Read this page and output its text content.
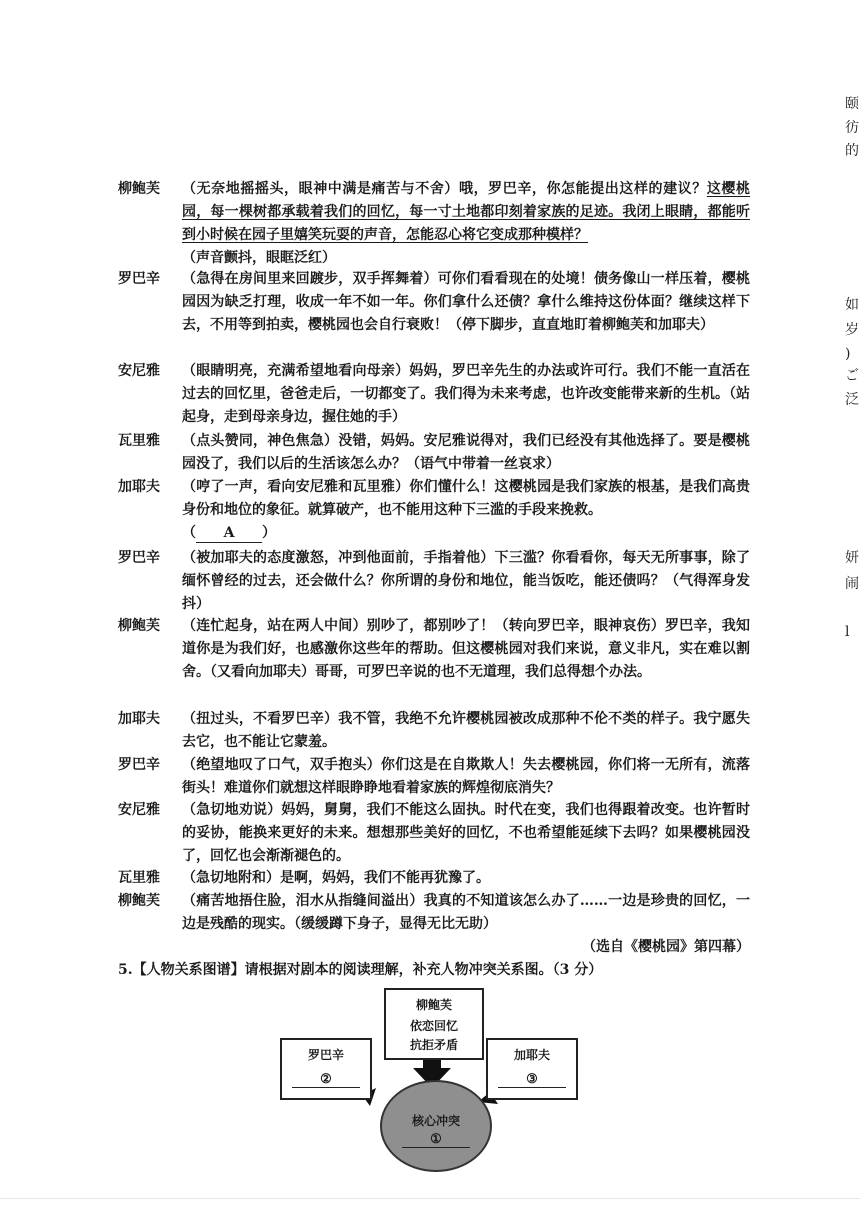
颐
彷
的
如
岁
)
ご
泛
妍
闹
l
柳鲍芙	（无奈地摇摇头，眼神中满是痛苦与不舍）哦，罗巴辛，你怎能提出这样的建议？这樱桃园，每一棵树都承载着我们的回忆，每一寸土地都印刻着家族的足迹。我闭上眼睛，都能听到小时候在园子里嬉笑玩耍的声音，怎能忍心将它变成那种模样？
（声音颤抖，眼眶泛红）
罗巴辛	（急得在房间里来回踱步，双手挥舞着）可你们看看现在的处境！债务像山一样压着，樱桃园因为缺乏打理，收成一年不如一年。你们拿什么还债？拿什么维持这份体面？继续这样下去，不用等到拍卖，樱桃园也会自行衰败！（停下脚步，直直地盯着柳鲍芙和加耶夫）
安尼雅	（眼睛明亮，充满希望地看向母亲）妈妈，罗巴辛先生的办法或许可行。我们不能一直活在过去的回忆里，爸爸走后，一切都变了。我们得为未来考虑，也许改变能带来新的生机。（站起身，走到母亲身边，握住她的手）
瓦里雅	（点头赞同，神色焦急）没错，妈妈。安尼雅说得对，我们已经没有其他选择了。要是樱桃园没了，我们以后的生活该怎么办？（语气中带着一丝哀求）
加耶夫	（哼了一声，看向安尼雅和瓦里雅）你们懂什么！这樱桃园是我们家族的根基，是我们高贵身份和地位的象征。就算破产，也不能用这种下三滥的手段来挽救。
（ A ）
罗巴辛	（被加耶夫的态度激怒，冲到他面前，手指着他）下三滥？你看看你，每天无所事事，除了缅怀曾经的过去，还会做什么？你所谓的身份和地位，能当饭吃，能还债吗？（气得浑身发抖）
柳鲍芙	（连忙起身，站在两人中间）别吵了，都别吵了！（转向罗巴辛，眼神哀伤）罗巴辛，我知道你是为我们好，也感激你这些年的帮助。但这樱桃园对我们来说，意义非凡，实在难以割舍。（又看向加耶夫）哥哥，可罗巴辛说的也不无道理，我们总得想个办法。
加耶夫	（扭过头，不看罗巴辛）我不管，我绝不允许樱桃园被改成那种不伦不类的样子。我宁愿失去它，也不能让它蒙羞。
罗巴辛	（绝望地叹了口气，双手抱头）你们这是在自欺欺人！失去樱桃园，你们将一无所有，流落街头！难道你们就想这样眼睁睁地看着家族的辉煌彻底消失？
安尼雅	（急切地劝说）妈妈，舅舅，我们不能这么固执。时代在变，我们也得跟着改变。也许暂时的妥协，能换来更好的未来。想想那些美好的回忆，不也希望能延续下去吗？如果樱桃园没了，回忆也会渐渐褪色的。
瓦里雅	（急切地附和）是啊，妈妈，我们不能再犹豫了。
柳鲍芙	（痛苦地捂住脸，泪水从指缝间溢出）我真的不知道该怎么办了……一边是珍贵的回忆，一边是残酷的现实。（缓缓蹲下身子，显得无比无助）
（选自《樱桃园》第四幕）
5.【人物关系图谱】请根据对剧本的阅读理解，补充人物冲突关系图。（3 分）
柳鲍芙
依恋回忆
抗拒矛盾
罗巴辛
②
加耶夫
③
核心冲突
①
